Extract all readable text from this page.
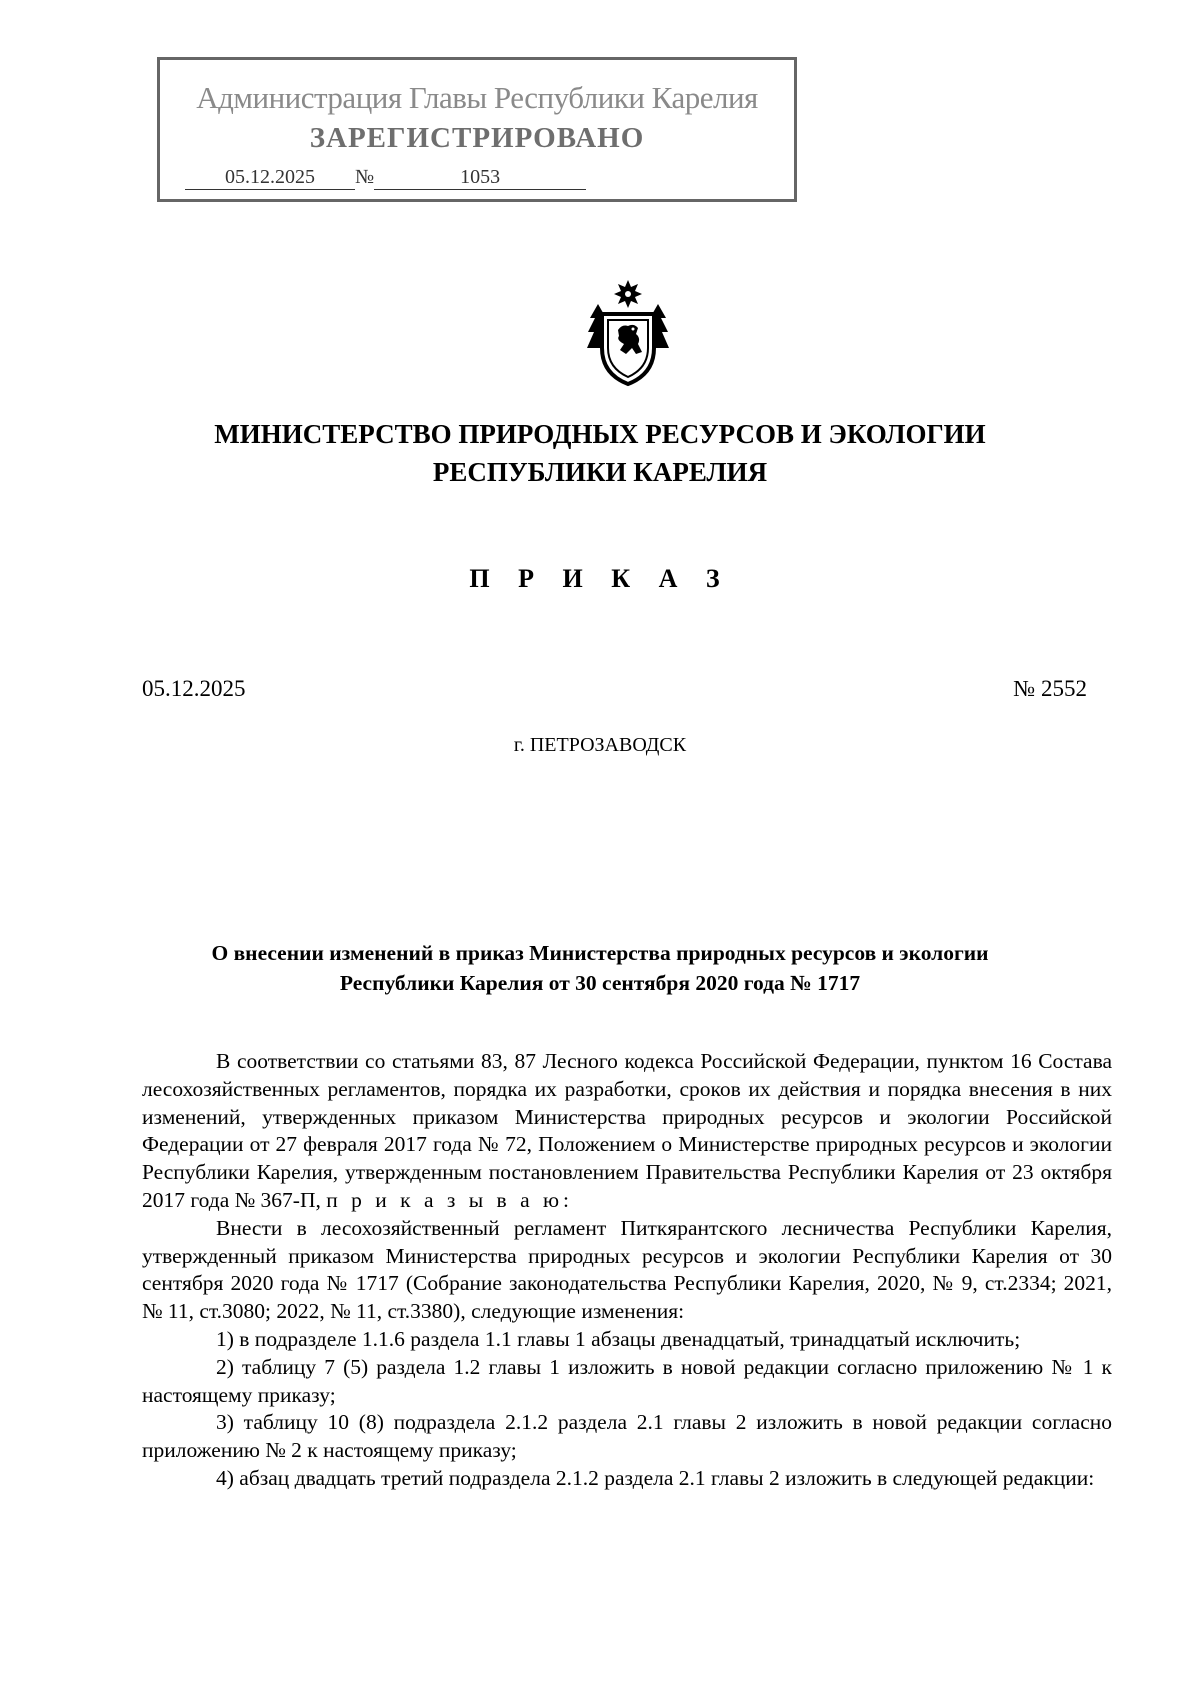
Администрация Главы Республики Карелия
ЗАРЕГИСТРИРОВАНО
05.12.2025 №	1053
МИНИСТЕРСТВО ПРИРОДНЫХ РЕСУРСОВ И ЭКОЛОГИИ
РЕСПУБЛИКИ КАРЕЛИЯ
П Р И К А З
05.12.2025	№ 2552
г. ПЕТРОЗАВОДСК
О внесении изменений в приказ Министерства природных ресурсов и экологии
Республики Карелия от 30 сентября 2020 года № 1717

В соответствии со статьями 83, 87 Лесного кодекса Российской Федерации, пунктом 16 Состава лесохозяйственных регламентов, порядка их разработки, сроков их действия и порядка внесения в них изменений, утвержденных приказом Министерства природных ресурсов и экологии Российской Федерации от 27 февраля 2017 года № 72, Положением о Министерстве природных ресурсов и экологии Республики Карелия, утвержденным постановлением Правительства Республики Карелия от 23 октября 2017 года № 367-П, п р и к а з ы в а ю:

Внести в лесохозяйственный регламент Питкярантского лесничества Республики Карелия, утвержденный приказом Министерства природных ресурсов и экологии Республики Карелия от 30 сентября 2020 года № 1717 (Собрание законодательства Республики Карелия, 2020, № 9, ст.2334; 2021, № 11, ст.3080; 2022, № 11, ст.3380), следующие изменения:

1) в подразделе 1.1.6 раздела 1.1 главы 1 абзацы двенадцатый, тринадцатый исключить;

2) таблицу 7 (5) раздела 1.2 главы 1 изложить в новой редакции согласно приложению № 1 к настоящему приказу;

3) таблицу 10 (8) подраздела 2.1.2 раздела 2.1 главы 2 изложить в новой редакции согласно приложению № 2 к настоящему приказу;

4) абзац двадцать третий подраздела 2.1.2 раздела 2.1 главы 2 изложить в следующей редакции:
